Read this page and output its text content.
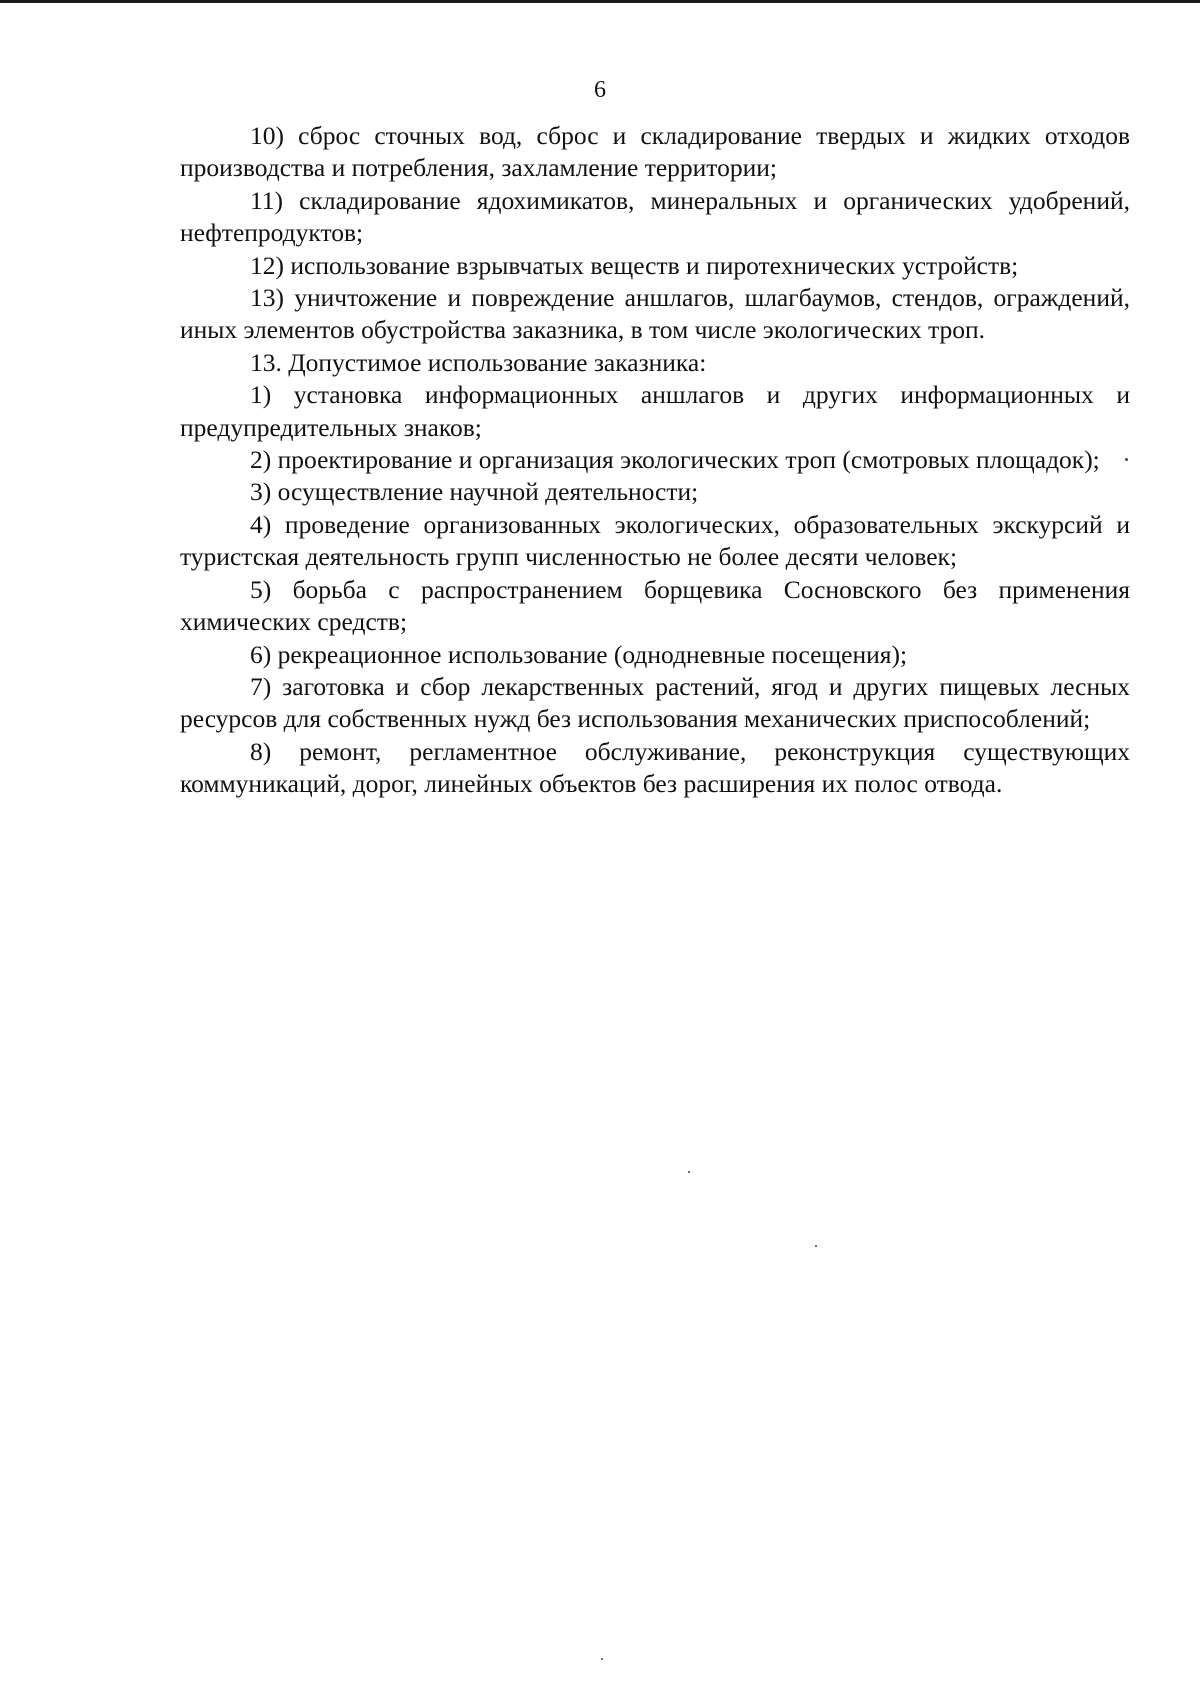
6

10) сброс сточных вод, сброс и складирование твердых и жидких отходов производства и потребления, захламление территории;

11) складирование ядохимикатов, минеральных и органических удобрений, нефтепродуктов;

12) использование взрывчатых веществ и пиротехнических устройств;

13) уничтожение и повреждение аншлагов, шлагбаумов, стендов, ограждений, иных элементов обустройства заказника, в том числе экологических троп.

13. Допустимое использование заказника:

1) установка информационных аншлагов и других информационных и предупредительных знаков;

2) проектирование и организация экологических троп (смотровых площадок);

3) осуществление научной деятельности;

4) проведение организованных экологических, образовательных экскурсий и туристская деятельность групп численностью не более десяти человек;

5) борьба с распространением борщевика Сосновского без применения химических средств;

6) рекреационное использование (однодневные посещения);

7) заготовка и сбор лекарственных растений, ягод и других пищевых лесных ресурсов для собственных нужд без использования механических приспособлений;

8) ремонт, регламентное обслуживание, реконструкция существующих коммуникаций, дорог, линейных объектов без расширения их полос отвода.
